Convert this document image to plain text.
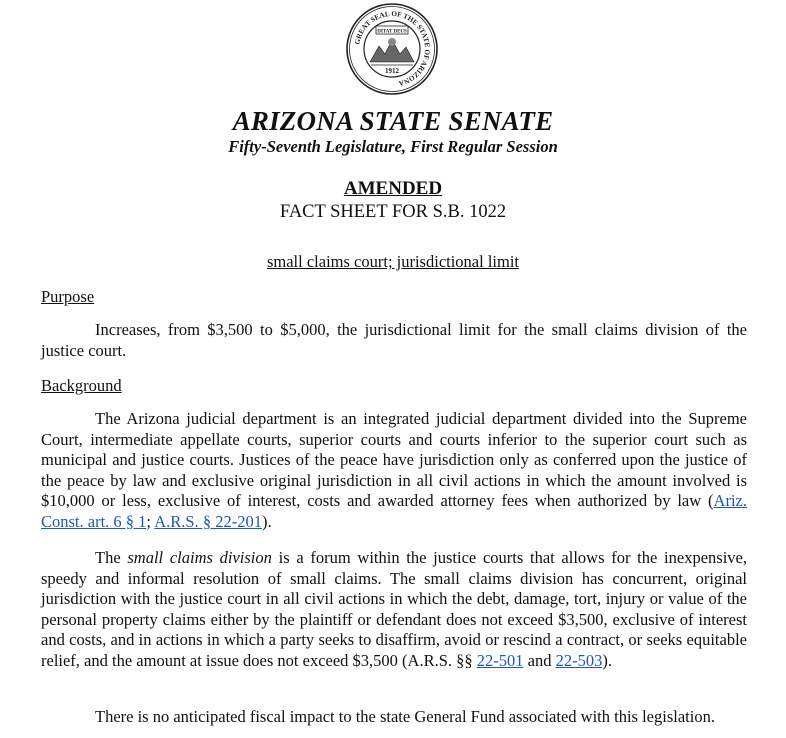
GREAT SEAL OF THE STATE OF ARIZONA
DITAT DEUS
1912
ARIZONA STATE SENATE
Fifty-Seventh Legislature, First Regular Session
AMENDED
FACT SHEET FOR S.B. 1022
small claims court; jurisdictional limit
Purpose

Increases, from $3,500 to $5,000, the jurisdictional limit for the small claims division of the justice court.

Background

The Arizona judicial department is an integrated judicial department divided into the Supreme Court, intermediate appellate courts, superior courts and courts inferior to the superior court such as municipal and justice courts. Justices of the peace have jurisdiction only as conferred upon the justice of the peace by law and exclusive original jurisdiction in all civil actions in which the amount involved is $10,000 or less, exclusive of interest, costs and awarded attorney fees when authorized by law (Ariz. Const. art. 6 § 1; A.R.S. § 22-201).

The small claims division is a forum within the justice courts that allows for the inexpensive, speedy and informal resolution of small claims. The small claims division has concurrent, original jurisdiction with the justice court in all civil actions in which the debt, damage, tort, injury or value of the personal property claims either by the plaintiff or defendant does not exceed $3,500, exclusive of interest and costs, and in actions in which a party seeks to disaffirm, avoid or rescind a contract, or seeks equitable relief, and the amount at issue does not exceed $3,500 (A.R.S. §§ 22-501 and 22-503).

There is no anticipated fiscal impact to the state General Fund associated with this legislation.
